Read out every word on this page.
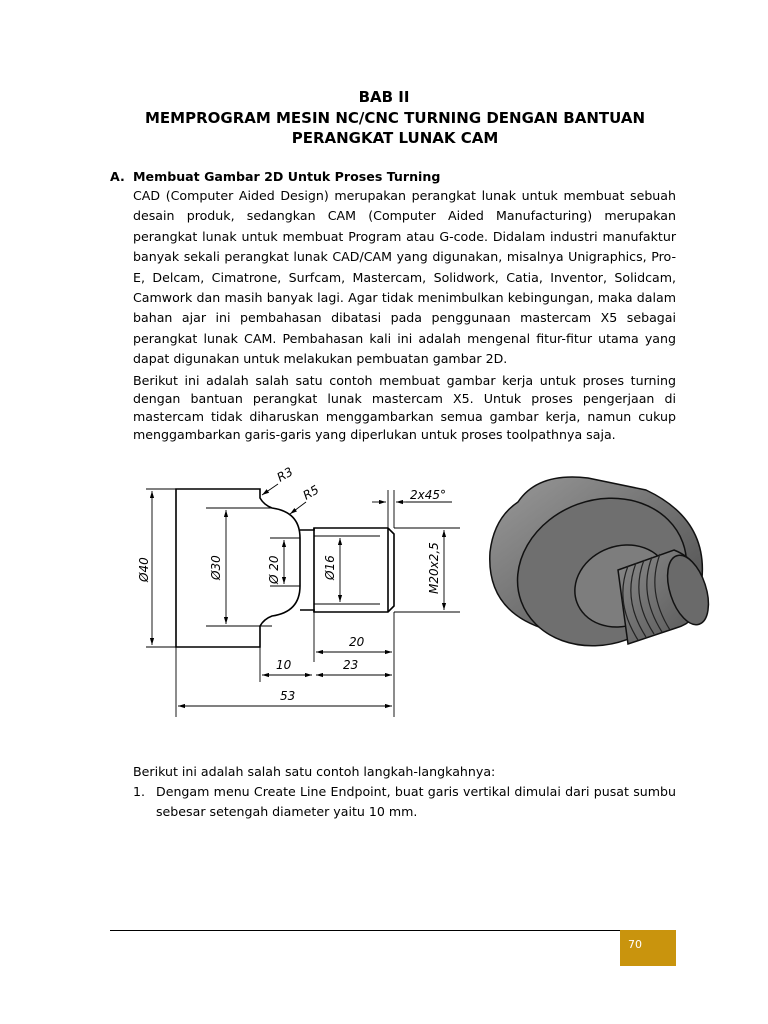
BAB II
MEMPROGRAM MESIN NC/CNC TURNING DENGAN BANTUAN PERANGKAT LUNAK CAM
A. Membuat Gambar 2D Untuk Proses Turning
CAD (Computer Aided Design) merupakan perangkat lunak untuk membuat sebuah desain produk, sedangkan CAM (Computer Aided Manufacturing) merupakan perangkat lunak untuk membuat Program atau G-code. Didalam industri manufaktur banyak sekali perangkat lunak CAD/CAM yang digunakan, misalnya Unigraphics, Pro-E, Delcam, Cimatrone, Surfcam, Mastercam, Solidwork, Catia, Inventor, Solidcam, Camwork dan masih banyak lagi. Agar tidak menimbulkan kebingungan, maka dalam bahan ajar ini pembahasan dibatasi pada penggunaan mastercam X5 sebagai perangkat lunak CAM. Pembahasan kali ini adalah mengenal fitur-fitur utama yang dapat digunakan untuk melakukan pembuatan gambar 2D.
Berikut ini adalah salah satu contoh membuat gambar kerja untuk proses turning dengan bantuan perangkat lunak mastercam X5. Untuk proses pengerjaan di mastercam tidak diharuskan menggambarkan semua gambar kerja, namun cukup menggambarkan garis-garis yang diperlukan untuk proses toolpathnya saja.
R3
R5	2x45°
Ø40	Ø30	Ø 20	Ø16	M20x2,5
20
10	23
53
Berikut ini adalah salah satu contoh langkah-langkahnya:
1. Dengam menu Create Line Endpoint, buat garis vertikal dimulai dari pusat sumbu sebesar setengah diameter yaitu 10 mm.
70
